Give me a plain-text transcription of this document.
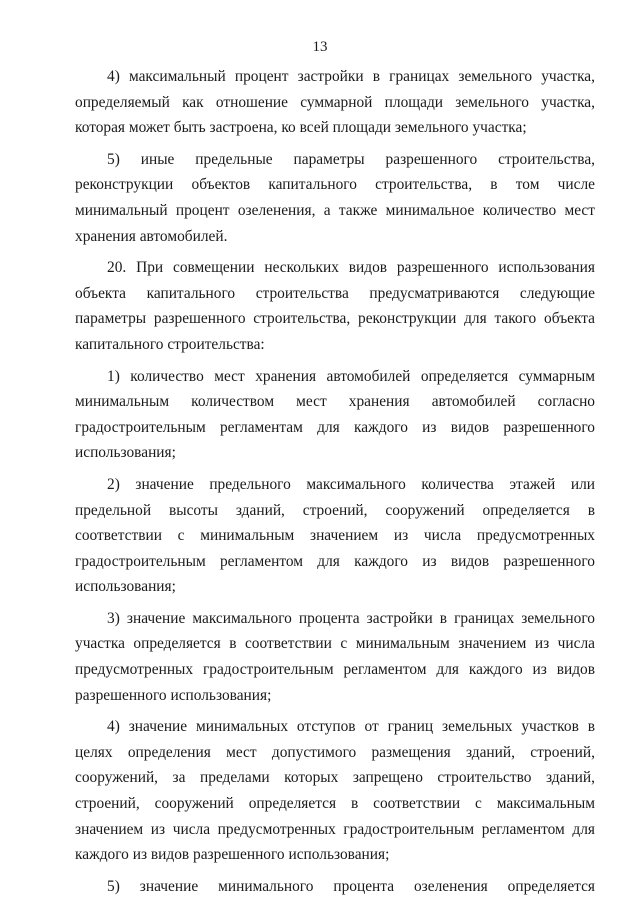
13

4) максимальный процент застройки в границах земельного участка, определяемый как отношение суммарной площади земельного участка, которая может быть застроена, ко всей площади земельного участка;

5) иные предельные параметры разрешенного строительства, реконструкции объектов капитального строительства, в том числе минимальный процент озеленения, а также минимальное количество мест хранения автомобилей.

20. При совмещении нескольких видов разрешенного использования объекта капитального строительства предусматриваются следующие параметры разрешенного строительства, реконструкции для такого объекта капитального строительства:

1) количество мест хранения автомобилей определяется суммарным минимальным количеством мест хранения автомобилей согласно градостроительным регламентам для каждого из видов разрешенного использования;

2) значение предельного максимального количества этажей или предельной высоты зданий, строений, сооружений определяется в соответствии с минимальным значением из числа предусмотренных градостроительным регламентом для каждого из видов разрешенного использования;

3) значение максимального процента застройки в границах земельного участка определяется в соответствии с минимальным значением из числа предусмотренных градостроительным регламентом для каждого из видов разрешенного использования;

4) значение минимальных отступов от границ земельных участков в целях определения мест допустимого размещения зданий, строений, сооружений, за пределами которых запрещено строительство зданий, строений, сооружений определяется в соответствии с максимальным значением из числа предусмотренных градостроительным регламентом для каждого из видов разрешенного использования;

5) значение минимального процента озеленения определяется
